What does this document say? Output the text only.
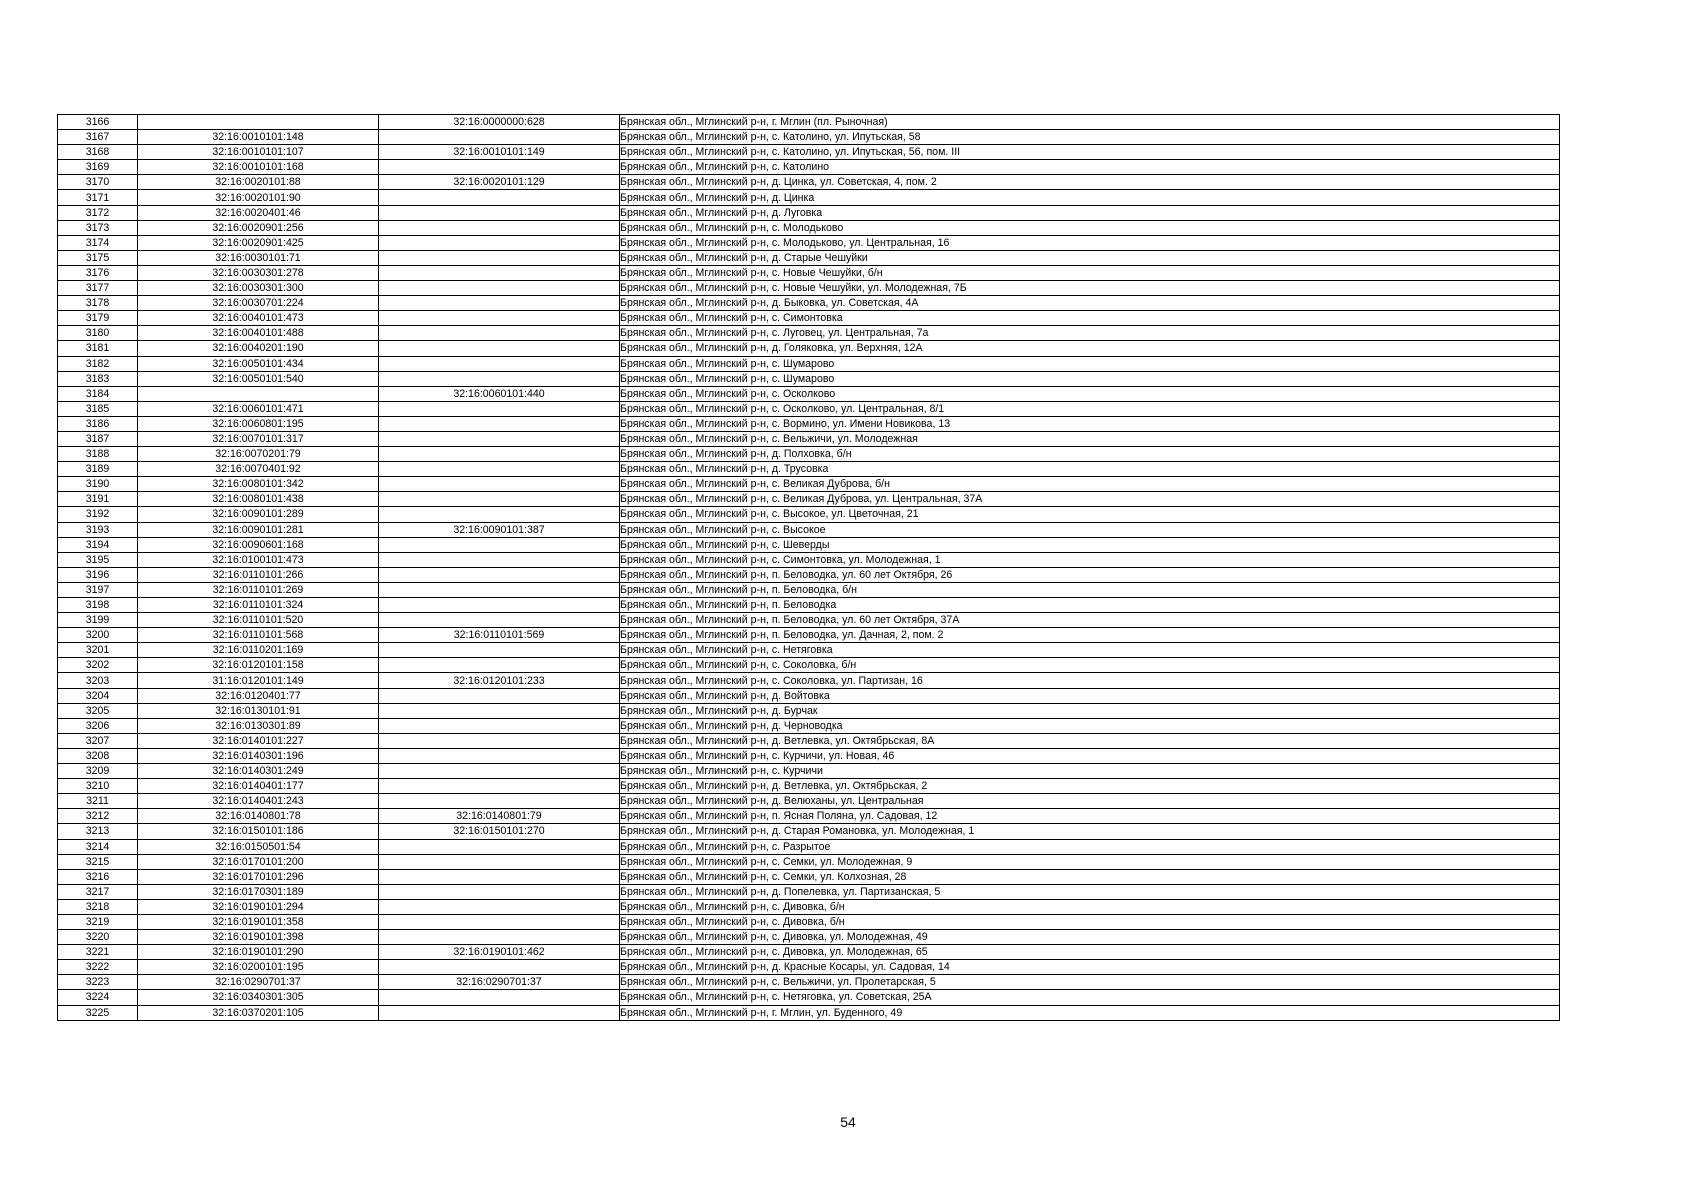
3166		32:16:0000000:628	Брянская обл., Мглинский р-н, г. Мглин (пл. Рыночная)
3167	32:16:0010101:148		Брянская обл., Мглинский р-н, с. Католино, ул. Ипутьская, 58
3168	32:16:0010101:107	32:16:0010101:149	Брянская обл., Мглинский р-н, с. Католино, ул. Ипутьская, 56, пом. III
3169	32:16:0010101:168		Брянская обл., Мглинский р-н, с. Католино
3170	32:16:0020101:88	32:16:0020101:129	Брянская обл., Мглинский р-н, д. Цинка, ул. Советская, 4, пом. 2
3171	32:16:0020101:90		Брянская обл., Мглинский р-н, д. Цинка
3172	32:16:0020401:46		Брянская обл., Мглинский р-н, д. Луговка
3173	32:16:0020901:256		Брянская обл., Мглинский р-н, с. Молодьково
3174	32:16:0020901:425		Брянская обл., Мглинский р-н, с. Молодьково, ул. Центральная, 16
3175	32:16:0030101:71		Брянская обл., Мглинский р-н, д. Старые Чешуйки
3176	32:16:0030301:278		Брянская обл., Мглинский р-н, с. Новые Чешуйки, б/н
3177	32:16:0030301:300		Брянская обл., Мглинский р-н, с. Новые Чешуйки, ул. Молодежная, 7Б
3178	32:16:0030701:224		Брянская обл., Мглинский р-н, д. Быковка, ул. Советская, 4А
3179	32:16:0040101:473		Брянская обл., Мглинский р-н, с. Симонтовка
3180	32:16:0040101:488		Брянская обл., Мглинский р-н, с. Луговец, ул. Центральная, 7а
3181	32:16:0040201:190		Брянская обл., Мглинский р-н, д. Голяковка, ул. Верхняя, 12А
3182	32:16:0050101:434		Брянская обл., Мглинский р-н, с. Шумарово
3183	32:16:0050101:540		Брянская обл., Мглинский р-н, с. Шумарово
3184		32:16:0060101:440	Брянская обл., Мглинский р-н, с. Осколково
3185	32:16:0060101:471		Брянская обл., Мглинский р-н, с. Осколково, ул. Центральная, 8/1
3186	32:16:0060801:195		Брянская обл., Мглинский р-н, с. Вормино, ул. Имени Новикова, 13
3187	32:16:0070101:317		Брянская обл., Мглинский р-н, с. Вельжичи, ул. Молодежная
3188	32:16:0070201:79		Брянская обл., Мглинский р-н, д. Полховка, б/н
3189	32:16:0070401:92		Брянская обл., Мглинский р-н, д. Трусовка
3190	32:16:0080101:342		Брянская обл., Мглинский р-н, с. Великая Дуброва, б/н
3191	32:16:0080101:438		Брянская обл., Мглинский р-н, с. Великая Дуброва, ул. Центральная, 37А
3192	32:16:0090101:289		Брянская обл., Мглинский р-н, с. Высокое, ул. Цветочная, 21
3193	32:16:0090101:281	32:16:0090101:387	Брянская обл., Мглинский р-н, с. Высокое
3194	32:16:0090601:168		Брянская обл., Мглинский р-н, с. Шеверды
3195	32:16:0100101:473		Брянская обл., Мглинский р-н, с. Симонтовка, ул. Молодежная, 1
3196	32:16:0110101:266		Брянская обл., Мглинский р-н, п. Беловодка, ул. 60 лет Октября, 26
3197	32:16:0110101:269		Брянская обл., Мглинский р-н, п. Беловодка, б/н
3198	32:16:0110101:324		Брянская обл., Мглинский р-н, п. Беловодка
3199	32:16:0110101:520		Брянская обл., Мглинский р-н, п. Беловодка, ул. 60 лет Октября, 37А
3200	32:16:0110101:568	32:16:0110101:569	Брянская обл., Мглинский р-н, п. Беловодка, ул. Дачная, 2, пом. 2
3201	32:16:0110201:169		Брянская обл., Мглинский р-н, с. Нетяговка
3202	32:16:0120101:158		Брянская обл., Мглинский р-н, с. Соколовка, б/н
3203	31:16:0120101:149	32:16:0120101:233	Брянская обл., Мглинский р-н, с. Соколовка, ул. Партизан, 16
3204	32:16:0120401:77		Брянская обл., Мглинский р-н, д. Войтовка
3205	32:16:0130101:91		Брянская обл., Мглинский р-н, д. Бурчак
3206	32:16:0130301:89		Брянская обл., Мглинский р-н, д. Черноводка
3207	32:16:0140101:227		Брянская обл., Мглинский р-н, д. Ветлевка, ул. Октябрьская, 8А
3208	32:16:0140301:196		Брянская обл., Мглинский р-н, с. Курчичи, ул. Новая, 46
3209	32:16:0140301:249		Брянская обл., Мглинский р-н, с. Курчичи
3210	32:16:0140401:177		Брянская обл., Мглинский р-н, д. Ветлевка, ул. Октябрьская, 2
3211	32:16:0140401:243		Брянская обл., Мглинский р-н, д. Велюханы, ул. Центральная
3212	32:16:0140801:78	32:16:0140801:79	Брянская обл., Мглинский р-н, п. Ясная Поляна, ул. Садовая, 12
3213	32:16:0150101:186	32:16:0150101:270	Брянская обл., Мглинский р-н, д. Старая Романовка, ул. Молодежная, 1
3214	32:16:0150501:54		Брянская обл., Мглинский р-н, с. Разрытое
3215	32:16:0170101:200		Брянская обл., Мглинский р-н, с. Семки, ул. Молодежная, 9
3216	32:16:0170101:296		Брянская обл., Мглинский р-н, с. Семки, ул. Колхозная, 28
3217	32:16:0170301:189		Брянская обл., Мглинский р-н, д. Попелевка, ул. Партизанская, 5
3218	32:16:0190101:294		Брянская обл., Мглинский р-н, с. Дивовка, б/н
3219	32:16:0190101:358		Брянская обл., Мглинский р-н, с. Дивовка, б/н
3220	32:16:0190101:398		Брянская обл., Мглинский р-н, с. Дивовка, ул. Молодежная, 49
3221	32:16:0190101:290	32:16:0190101:462	Брянская обл., Мглинский р-н, с. Дивовка, ул. Молодежная, 65
3222	32:16:0200101:195		Брянская обл., Мглинский р-н, д. Красные Косары, ул. Садовая, 14
3223	32:16:0290701:37	32:16:0290701:37	Брянская обл., Мглинский р-н, с. Вельжичи, ул. Пролетарская, 5
3224	32:16:0340301:305		Брянская обл., Мглинский р-н, с. Нетяговка, ул. Советская, 25А
3225	32:16:0370201:105		Брянская обл., Мглинский р-н, г. Мглин, ул. Буденного, 49
54
